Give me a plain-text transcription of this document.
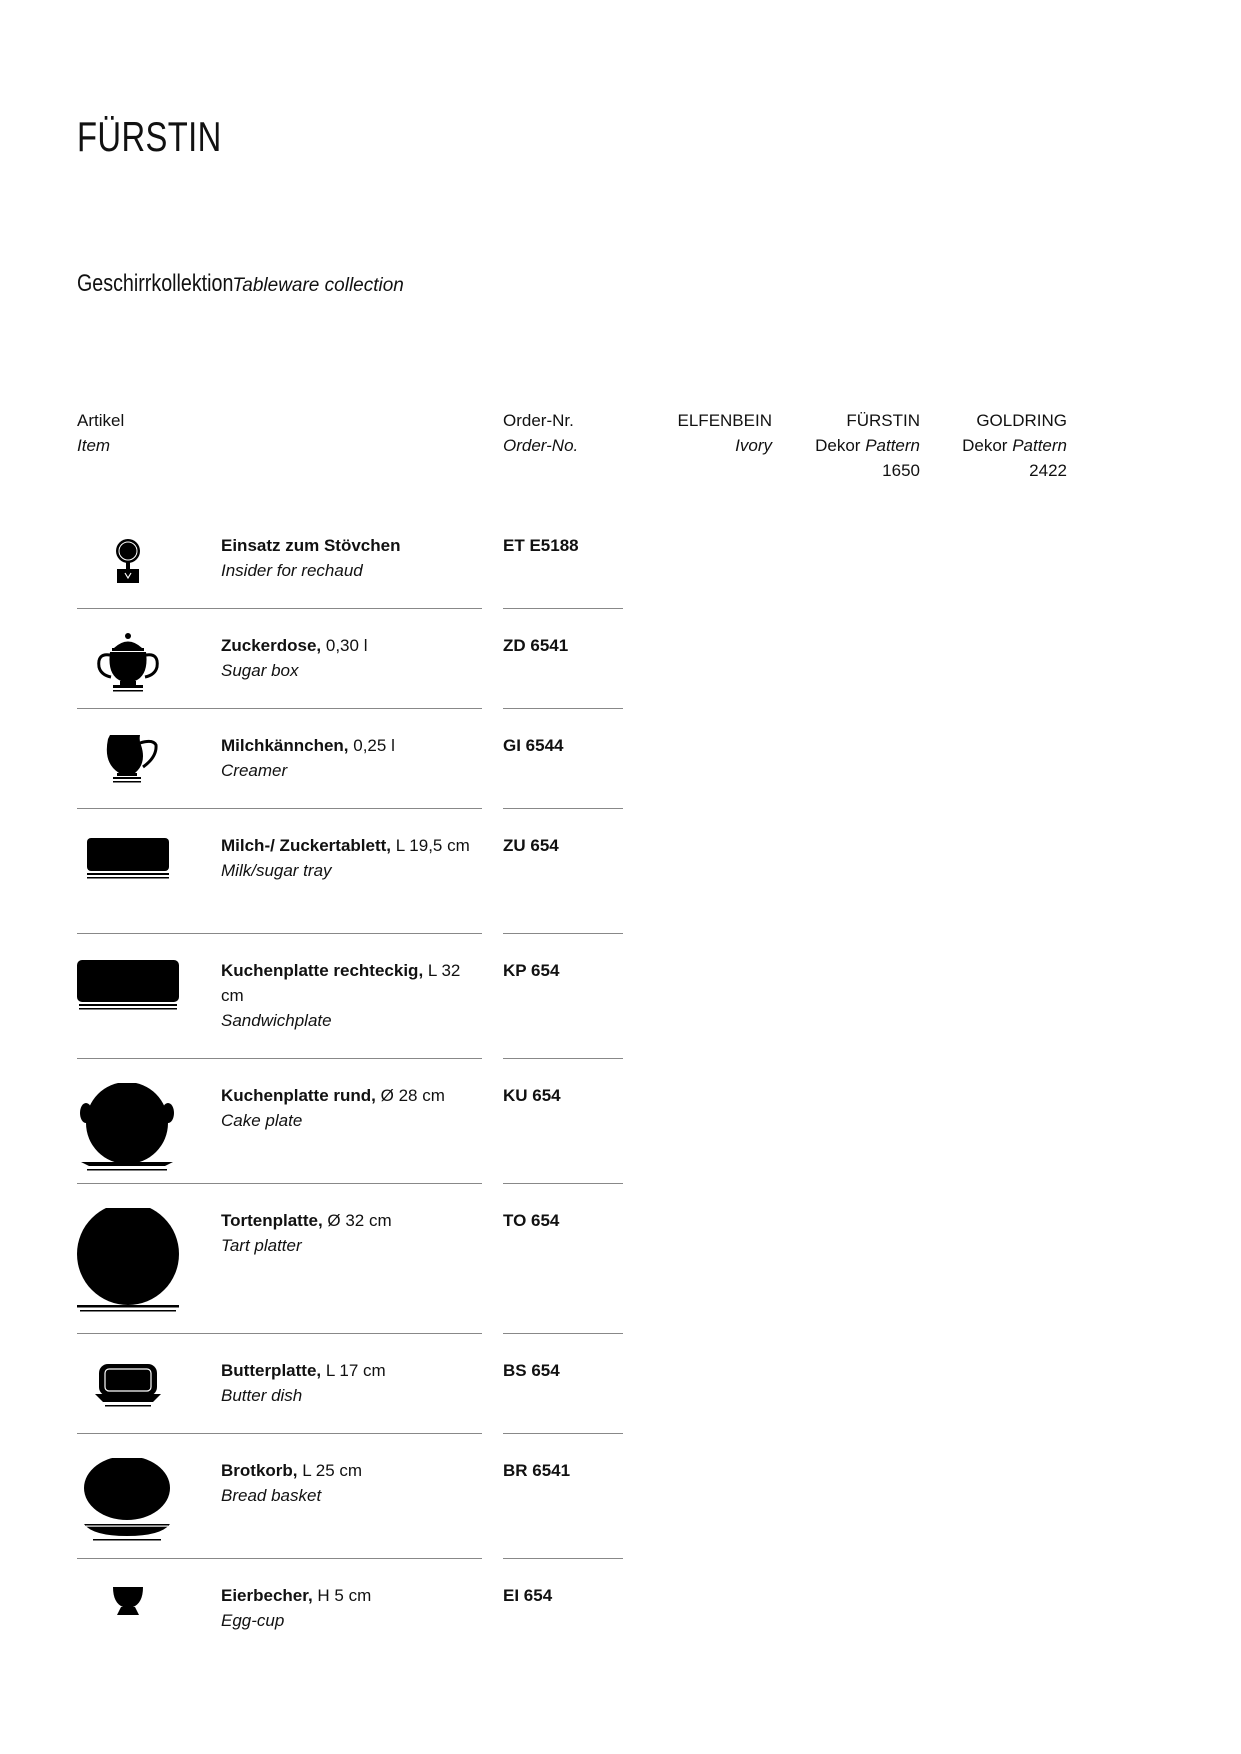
FÜRSTIN
Geschirrkollektion Tableware collection
Artikel
Item
Order-Nr.
Order-No.
ELFENBEIN
Ivory
FÜRSTIN
Dekor Pattern
1650
GOLDRING
Dekor Pattern
2422
Einsatz zum Stövchen
Insider for rechaud
ET E5188
Zuckerdose, 0,30 l
Sugar box
ZD 6541
Milchkännchen, 0,25 l
Creamer
GI 6544
Milch-/ Zuckertablett, L 19,5 cm
Milk/sugar tray
ZU 654
Kuchenplatte rechteckig, L 32 cm
Sandwichplate
KP 654
Kuchenplatte rund, Ø 28 cm
Cake plate
KU 654
Tortenplatte, Ø 32 cm
Tart platter
TO 654
Butterplatte, L 17 cm
Butter dish
BS 654
Brotkorb, L 25 cm
Bread basket
BR 6541
Eierbecher, H 5 cm
Egg-cup
EI 654
